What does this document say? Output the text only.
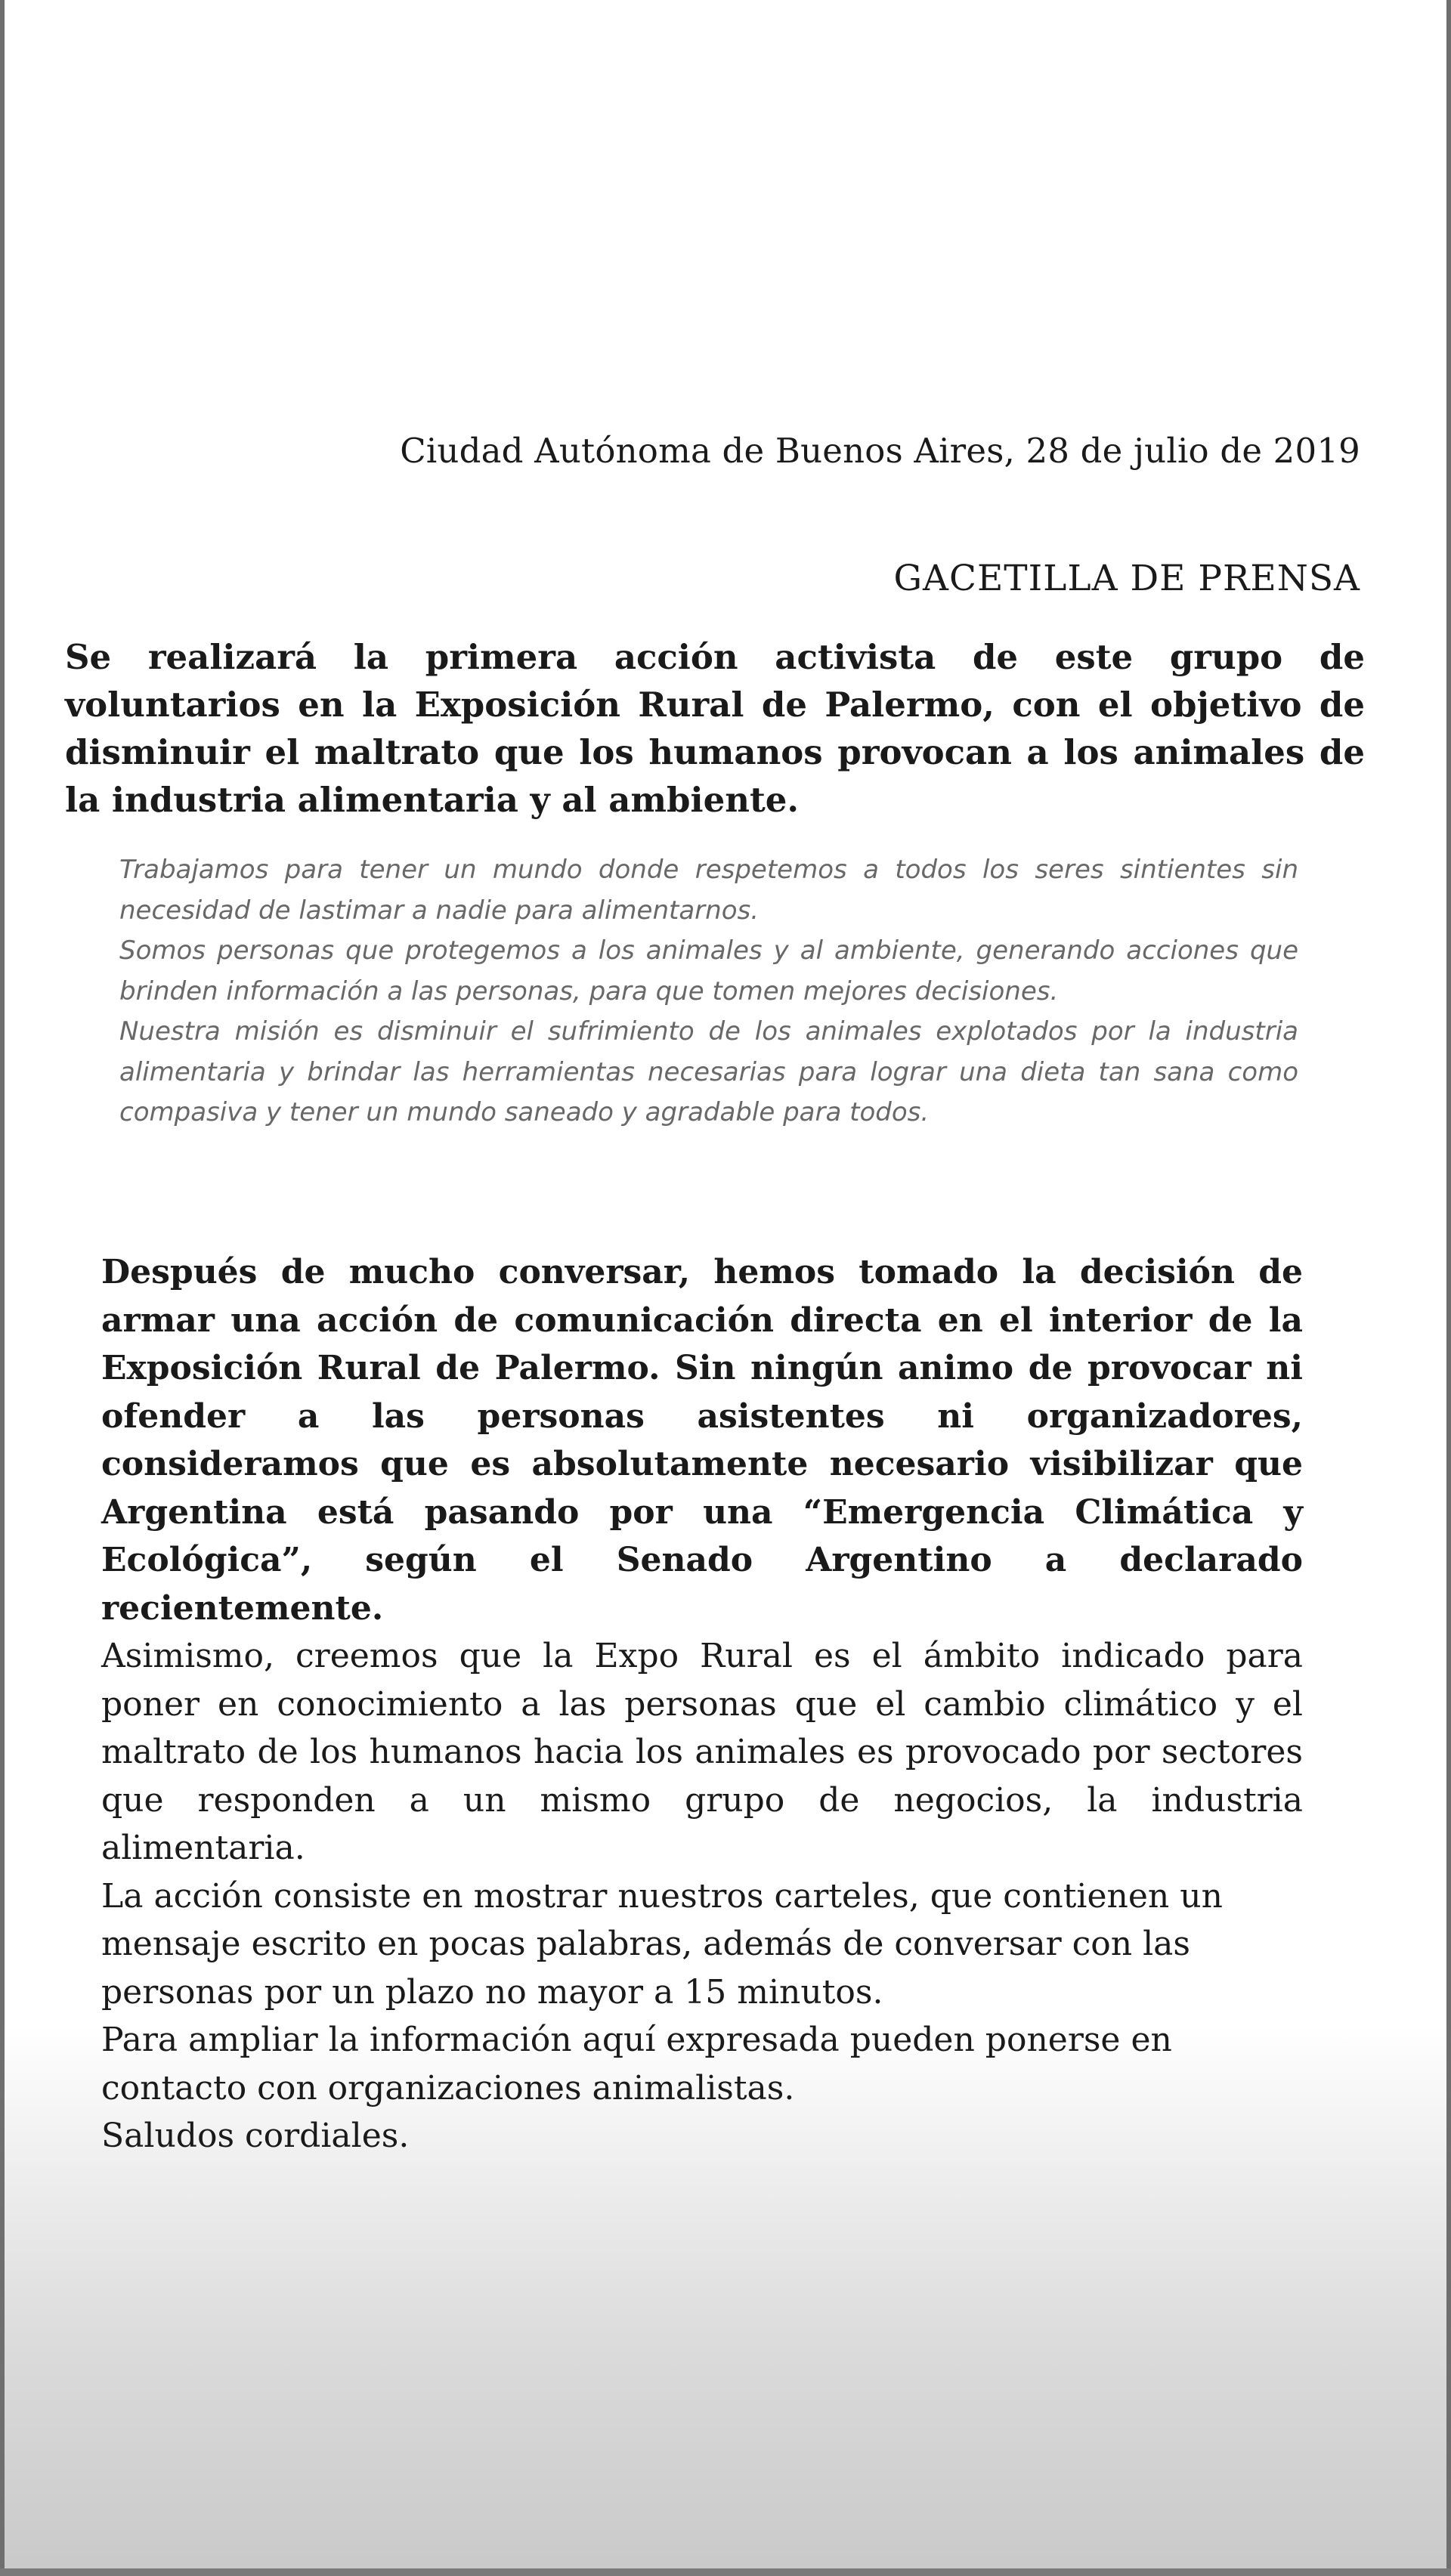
Ciudad Autónoma de Buenos Aires, 28 de julio de 2019
GACETILLA DE PRENSA

Se realizará la primera acción activista de este grupo de voluntarios en la Exposición Rural de Palermo, con el objetivo de disminuir el maltrato que los humanos provocan a los animales de la industria alimentaria y al ambiente.

Trabajamos para tener un mundo donde respetemos a todos los seres sintientes sin necesidad de lastimar a nadie para alimentarnos.

Somos personas que protegemos a los animales y al ambiente, generando acciones que brinden información a las personas, para que tomen mejores decisiones.

Nuestra misión es disminuir el sufrimiento de los animales explotados por la industria alimentaria y brindar las herramientas necesarias para lograr una dieta tan sana como compasiva y tener un mundo saneado y agradable para todos.

Después de mucho conversar, hemos tomado la decisión de armar una acción de comunicación directa en el interior de la Exposición Rural de Palermo. Sin ningún animo de provocar ni ofender a las personas asistentes ni organizadores, consideramos que es absolutamente necesario visibilizar que Argentina está pasando por una “Emergencia Climática y Ecológica”, según el Senado Argentino a declarado recientemente.

Asimismo, creemos que la Expo Rural es el ámbito indicado para poner en conocimiento a las personas que el cambio climático y el maltrato de los humanos hacia los animales es provocado por sectores que responden a un mismo grupo de negocios, la industria alimentaria.

La acción consiste en mostrar nuestros carteles, que contienen un mensaje escrito en pocas palabras, además de conversar con las personas por un plazo no mayor a 15 minutos.

Para ampliar la información aquí expresada pueden ponerse en contacto con organizaciones animalistas.

Saludos cordiales.
